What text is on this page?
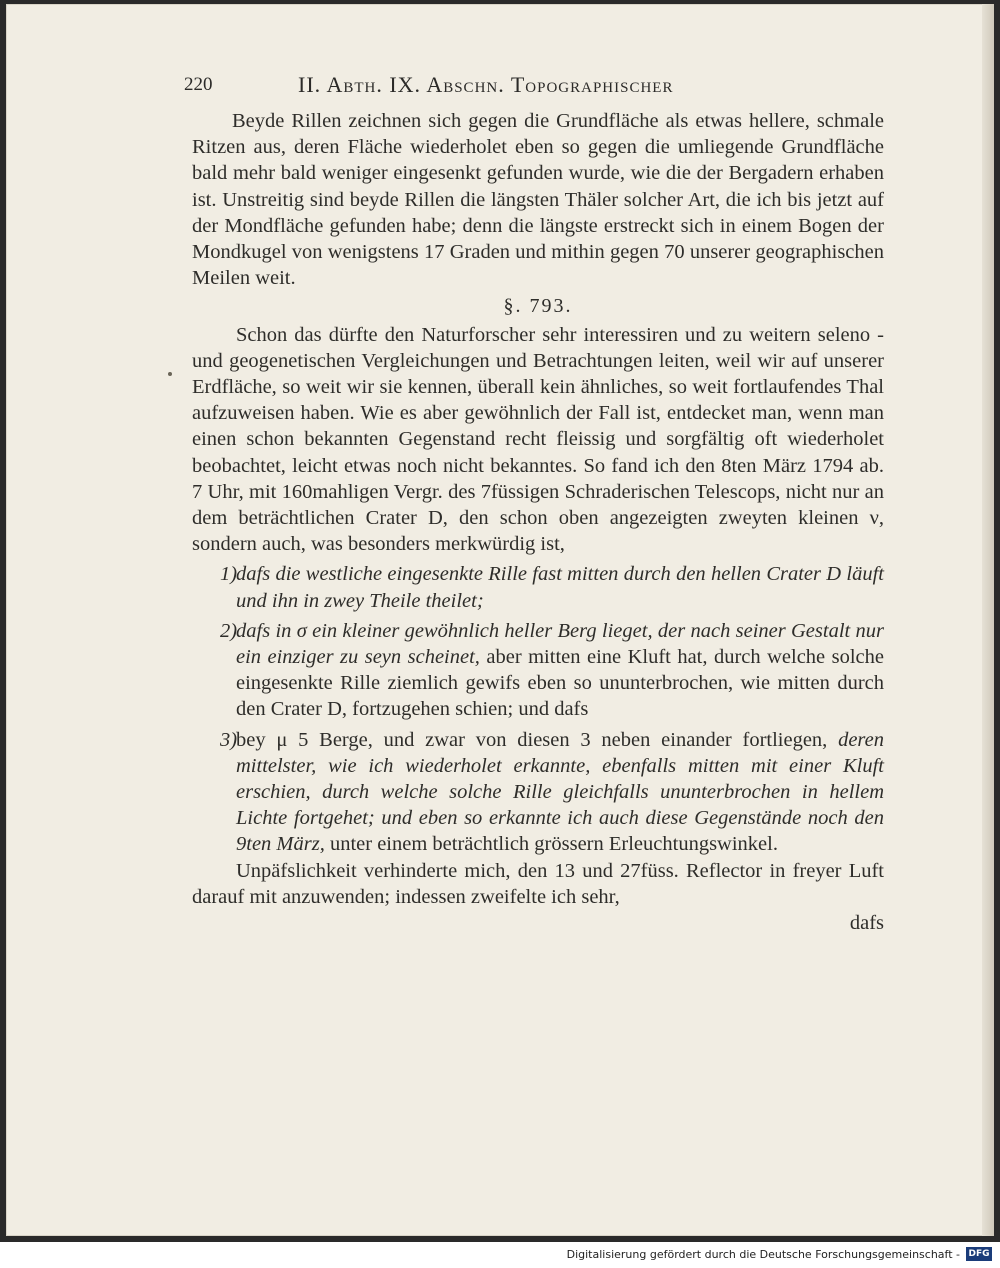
220	II. Abth. IX. Abschn. Topographischer

Beyde Rillen zeichnen sich gegen die Grundfläche als etwas hellere, schmale Ritzen aus, deren Fläche wiederholet eben so gegen die umliegende Grundfläche bald mehr bald weniger eingesenkt gefunden wurde, wie die der Bergadern erhaben ist. Unstreitig sind beyde Rillen die längsten Thäler solcher Art, die ich bis jetzt auf der Mondfläche gefunden habe; denn die längste erstreckt sich in einem Bogen der Mondkugel von wenigstens 17 Graden und mithin gegen 70 unserer geographischen Meilen weit.

§. 793.

Schon das dürfte den Naturforscher sehr interessiren und zu weitern seleno - und geogenetischen Vergleichungen und Betrachtungen leiten, weil wir auf unserer Erdfläche, so weit wir sie kennen, überall kein ähnliches, so weit fortlaufendes Thal aufzuweisen haben. Wie es aber gewöhnlich der Fall ist, entdecket man, wenn man einen schon bekannten Gegenstand recht fleissig und sorgfältig oft wiederholet beobachtet, leicht etwas noch nicht bekanntes. So fand ich den 8ten März 1794 ab. 7 Uhr, mit 160mahligen Vergr. des 7füssigen Schraderischen Telescops, nicht nur an dem beträchtlichen Crater D, den schon oben angezeigten zweyten kleinen ν, sondern auch, was besonders merkwürdig ist,

1)
dafs die westliche eingesenkte Rille fast mitten durch den hellen Crater D läuft und ihn in zwey Theile theilet;
2)
dafs in σ ein kleiner gewöhnlich heller Berg lieget, der nach seiner Gestalt nur ein einziger zu seyn scheinet, aber mitten eine Kluft hat, durch welche solche eingesenkte Rille ziemlich gewifs eben so ununterbrochen, wie mitten durch den Crater D, fortzugehen schien; und dafs
3)
bey μ 5 Berge, und zwar von diesen 3 neben einander fortliegen, deren mittelster, wie ich wiederholet erkannte, ebenfalls mitten mit einer Kluft erschien, durch welche solche Rille gleichfalls ununterbrochen in hellem Lichte fortgehet; und eben so erkannte ich auch diese Gegenstände noch den 9ten März, unter einem beträchtlich grössern Erleuchtungswinkel.

Unpäfslichkeit verhinderte mich, den 13 und 27füss. Reflector in freyer Luft darauf mit anzuwenden; indessen zweifelte ich sehr,

dafs

Digitalisierung gefördert durch die Deutsche Forschungsgemeinschaft - DFG
